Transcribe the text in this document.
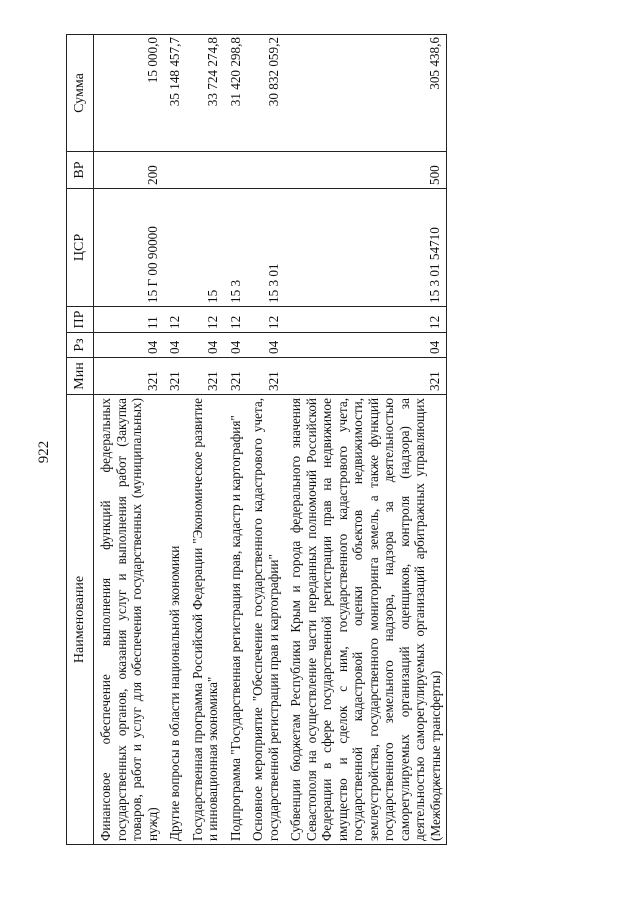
922
Наименование	Мин	Рз	ПР	ЦСР	ВР	Сумма
Финансовое обеспечение выполнения функций федеральных государственных органов, оказания услуг и выполнения работ (Закупка товаров, работ и услуг для обеспечения государственных (муниципальных) нужд)	321	04	11	15 Г 00 90000	200	15 000,0
Другие вопросы в области национальной экономики	321	04	12			35 148 457,7
Государственная программа Российской Федерации "Экономическое развитие и инновационная экономика"	321	04	12	15		33 724 274,8
Подпрограмма "Государственная регистрация прав, кадастр и картография"	321	04	12	15 3		31 420 298,8
Основное мероприятие "Обеспечение государственного кадастрового учета, государственной регистрации прав и картографии"	321	04	12	15 3 01		30 832 059,2
Субвенции бюджетам Республики Крым и города федерального значения Севастополя на осуществление части переданных полномочий Российской Федерации в сфере государственной регистрации прав на недвижимое имущество и сделок с ним, государственного кадастрового учета, государственной кадастровой оценки объектов недвижимости, землеустройства, государственного мониторинга земель, а также функций государственного земельного надзора, надзора за деятельностью саморегулируемых организаций оценщиков, контроля (надзора) за деятельностью саморегулируемых организаций арбитражных управляющих (Межбюджетные трансферты)	321	04	12	15 3 01 54710	500	305 438,6
